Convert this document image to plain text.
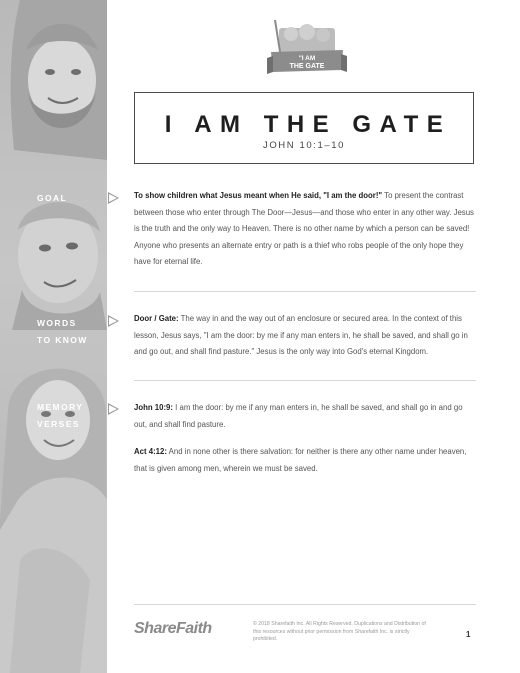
"I AM
THE GATE
I AM THE GATE
JOHN 10:1–10
GOAL	To show children what Jesus meant when He said, "I am the door!" To present the contrast between those who enter through The Door—Jesus—and those who enter in any other way. Jesus is the truth and the only way to Heaven. There is no other name by which a person can be saved! Anyone who presents an alternate entry or path is a thief who robs people of the only hope they have for eternal life.
WORDS
TO KNOW
Door / Gate: The way in and the way out of an enclosure or secured area. In the context of this lesson, Jesus says, "I am the door: by me if any man enters in, he shall be saved, and shall go in and go out, and shall find pasture." Jesus is the only way into God's eternal Kingdom.
MEMORY
VERSES
John 10:9: I am the door: by me if any man enters in, he shall be saved, and shall go in and go out, and shall find pasture.
Act 4:12: And in none other is there salvation: for neither is there any other name under heaven, that is given among men, wherein we must be saved.
ShareFaith	© 2018 Sharefaith Inc. All Rights Reserved. Duplications and Distribution of this resources without prior permission from Sharefaith Inc. is strictly prohibited.
1
